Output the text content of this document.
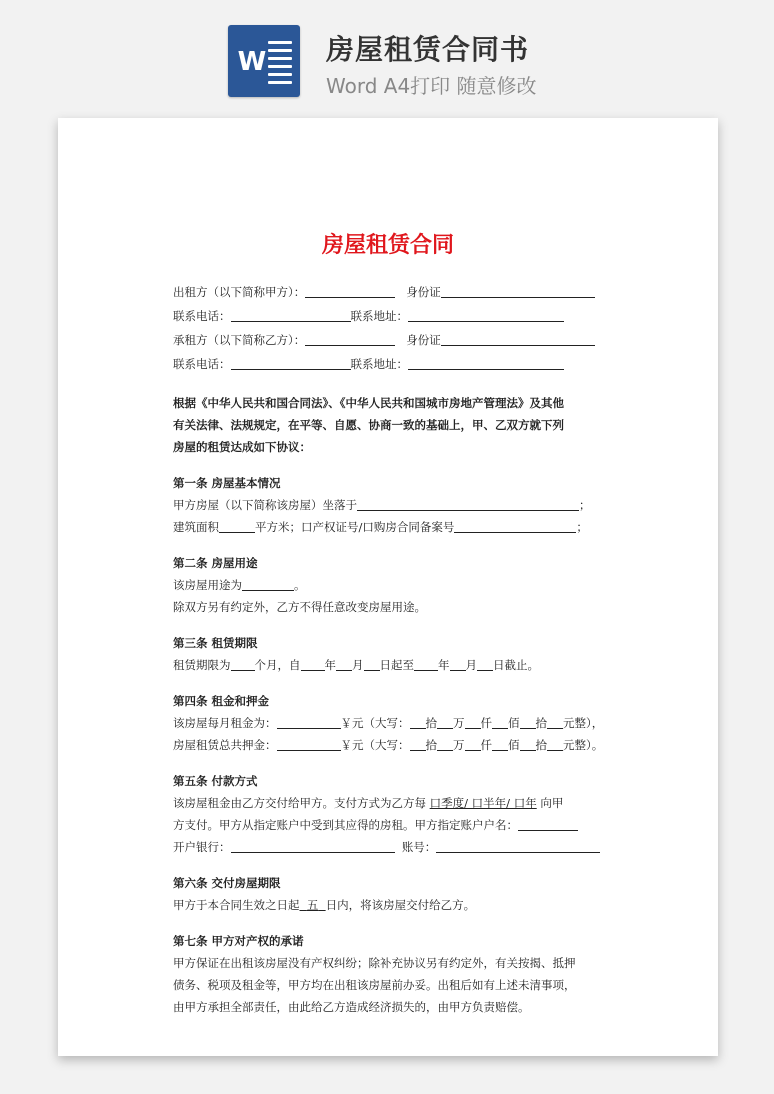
W 房屋租赁合同书
Word A4打印 随意修改
房屋租赁合同
出租方（以下简称甲方）：	身份证
联系电话：	联系地址：
承租方（以下简称乙方）：	身份证
联系电话：	联系地址：
根据《中华人民共和国合同法》、《中华人民共和国城市房地产管理法》及其他
有关法律、法规规定，在平等、自愿、协商一致的基础上，甲、乙双方就下列
房屋的租赁达成如下协议：
第一条 房屋基本情况
甲方房屋（以下简称该房屋）坐落于	；
建筑面积	平方米；口产权证号/口购房合同备案号	；
第二条 房屋用途
该房屋用途为	。
除双方另有约定外，乙方不得任意改变房屋用途。
第三条 租赁期限
租赁期限为 个月，自 年 月 日起至 年 月 日截止。
第四条 租金和押金
该房屋每月租金为：	￥元（大写： 拾 万 仟 佰 拾 元整），
房屋租赁总共押金：	￥元（大写： 拾 万 仟 佰 拾 元整）。
第五条 付款方式
该房屋租金由乙方交付给甲方。支付方式为乙方每 口季度/ 口半年/ 口年 向甲
方支付。甲方从指定账户中受到其应得的房租。甲方指定账户户名：
开户银行：	账号：
第六条 交付房屋期限
甲方于本合同生效之日起 五 日内，将该房屋交付给乙方。
第七条 甲方对产权的承诺
甲方保证在出租该房屋没有产权纠纷；除补充协议另有约定外，有关按揭、抵押
债务、税项及租金等，甲方均在出租该房屋前办妥。出租后如有上述未清事项，
由甲方承担全部责任，由此给乙方造成经济损失的，由甲方负责赔偿。
